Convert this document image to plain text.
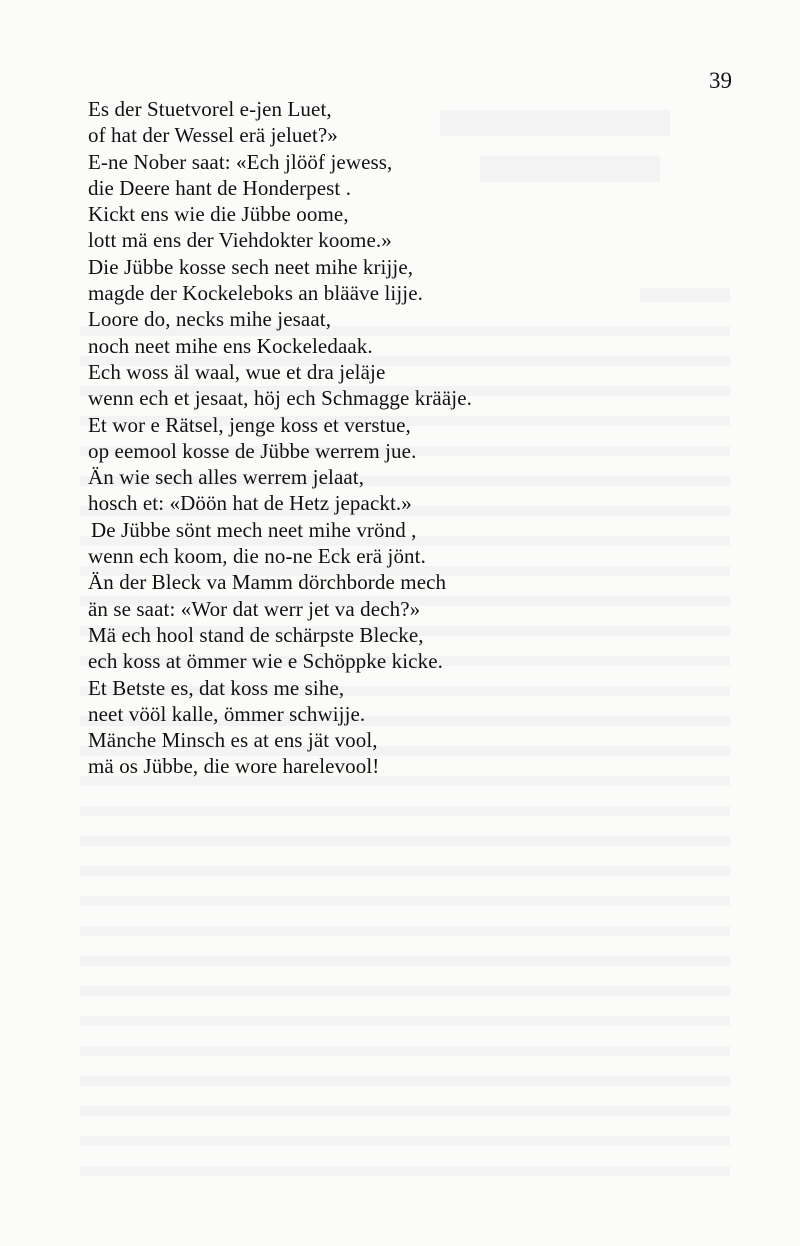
39
Es der Stuetvorel e-jen Luet,
of hat der Wessel erä jeluet?»
E-ne Nober saat: «Ech jlööf jewess,
die Deere hant de Honderpest .
Kickt ens wie die Jübbe oome,
lott mä ens der Viehdokter koome.»
Die Jübbe kosse sech neet mihe krijje,
magde der Kockeleboks an blääve lijje.
Loore do, necks mihe jesaat,
noch neet mihe ens Kockeledaak.
Ech woss äl waal, wue et dra jeläje
wenn ech et jesaat, höj ech Schmagge krääje.
Et wor e Rätsel, jenge koss et verstue,
op eemool kosse de Jübbe werrem jue.
Än wie sech alles werrem jelaat,
hosch et: «Döön hat de Hetz jepackt.»
De Jübbe sönt mech neet mihe vrönd ,
wenn ech koom, die no-ne Eck erä jönt.
Än der Bleck va Mamm dörchborde mech
än se saat: «Wor dat werr jet va dech?»
Mä ech hool stand de schärpste Blecke,
ech koss at ömmer wie e Schöppke kicke.
Et Betste es, dat koss me sihe,
neet vööl kalle, ömmer schwijje.
Mänche Minsch es at ens jät vool,
mä os Jübbe, die wore harelevool!
